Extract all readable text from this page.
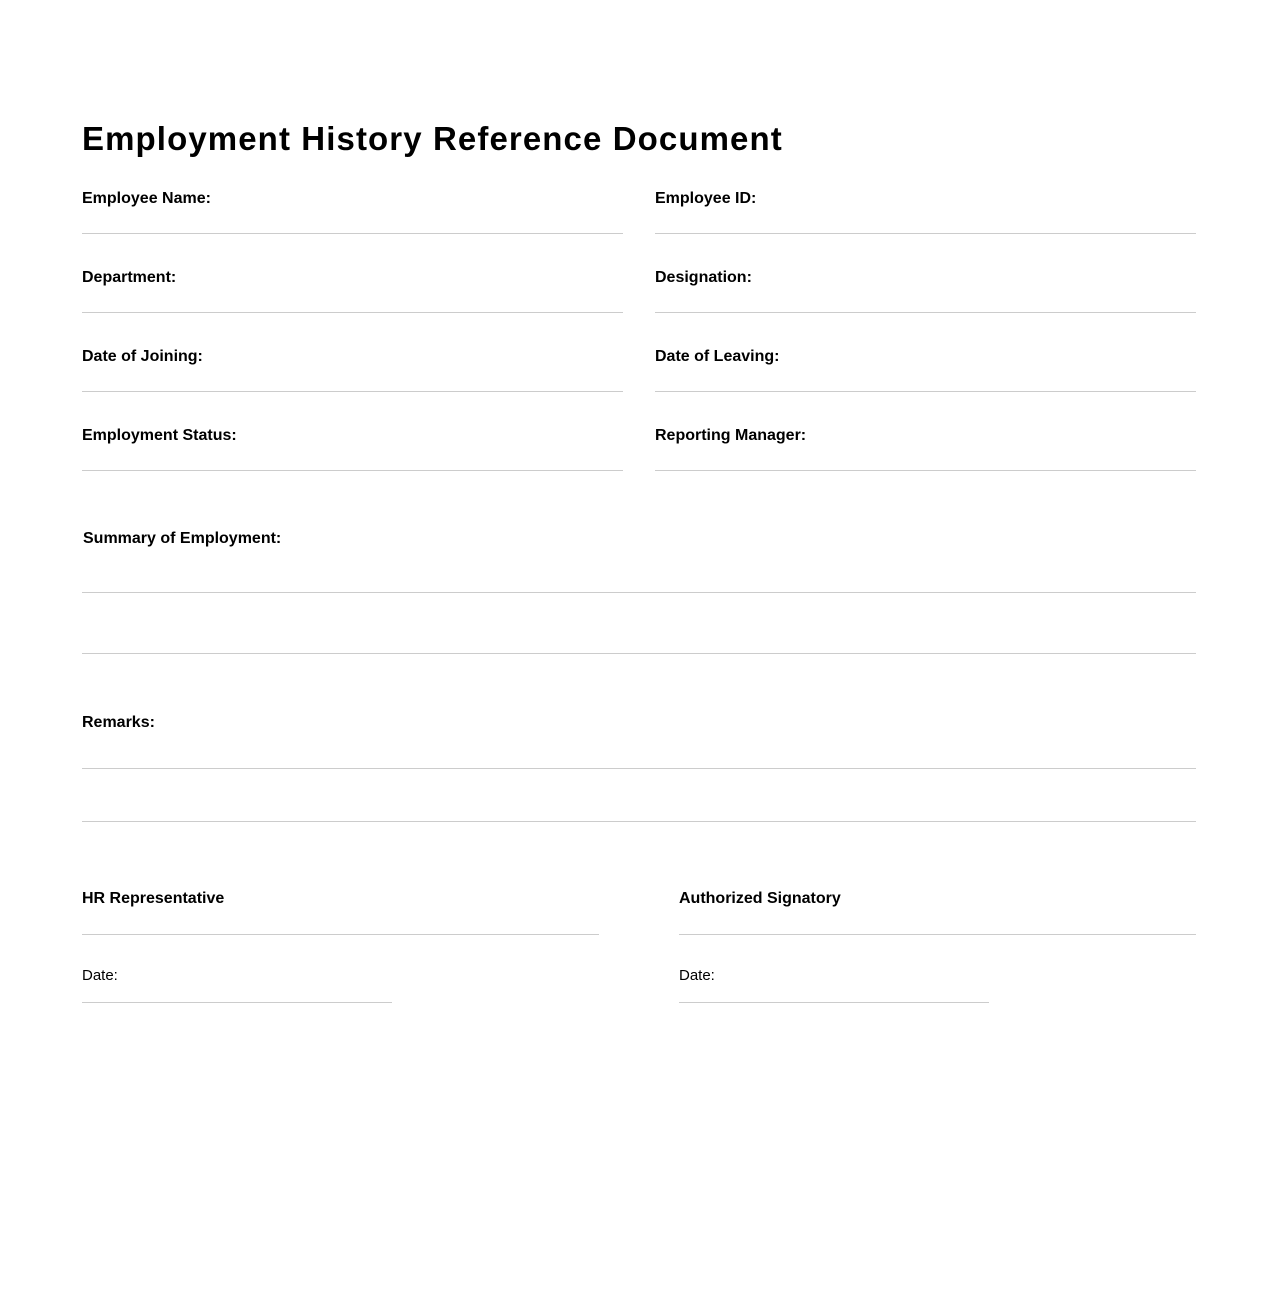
Employment History Reference Document
Employee Name:	Employee ID:
Department:	Designation:
Date of Joining:	Date of Leaving:
Employment Status:	Reporting Manager:
Summary of Employment:
Remarks:
HR Representative
Date:
Authorized Signatory
Date:
